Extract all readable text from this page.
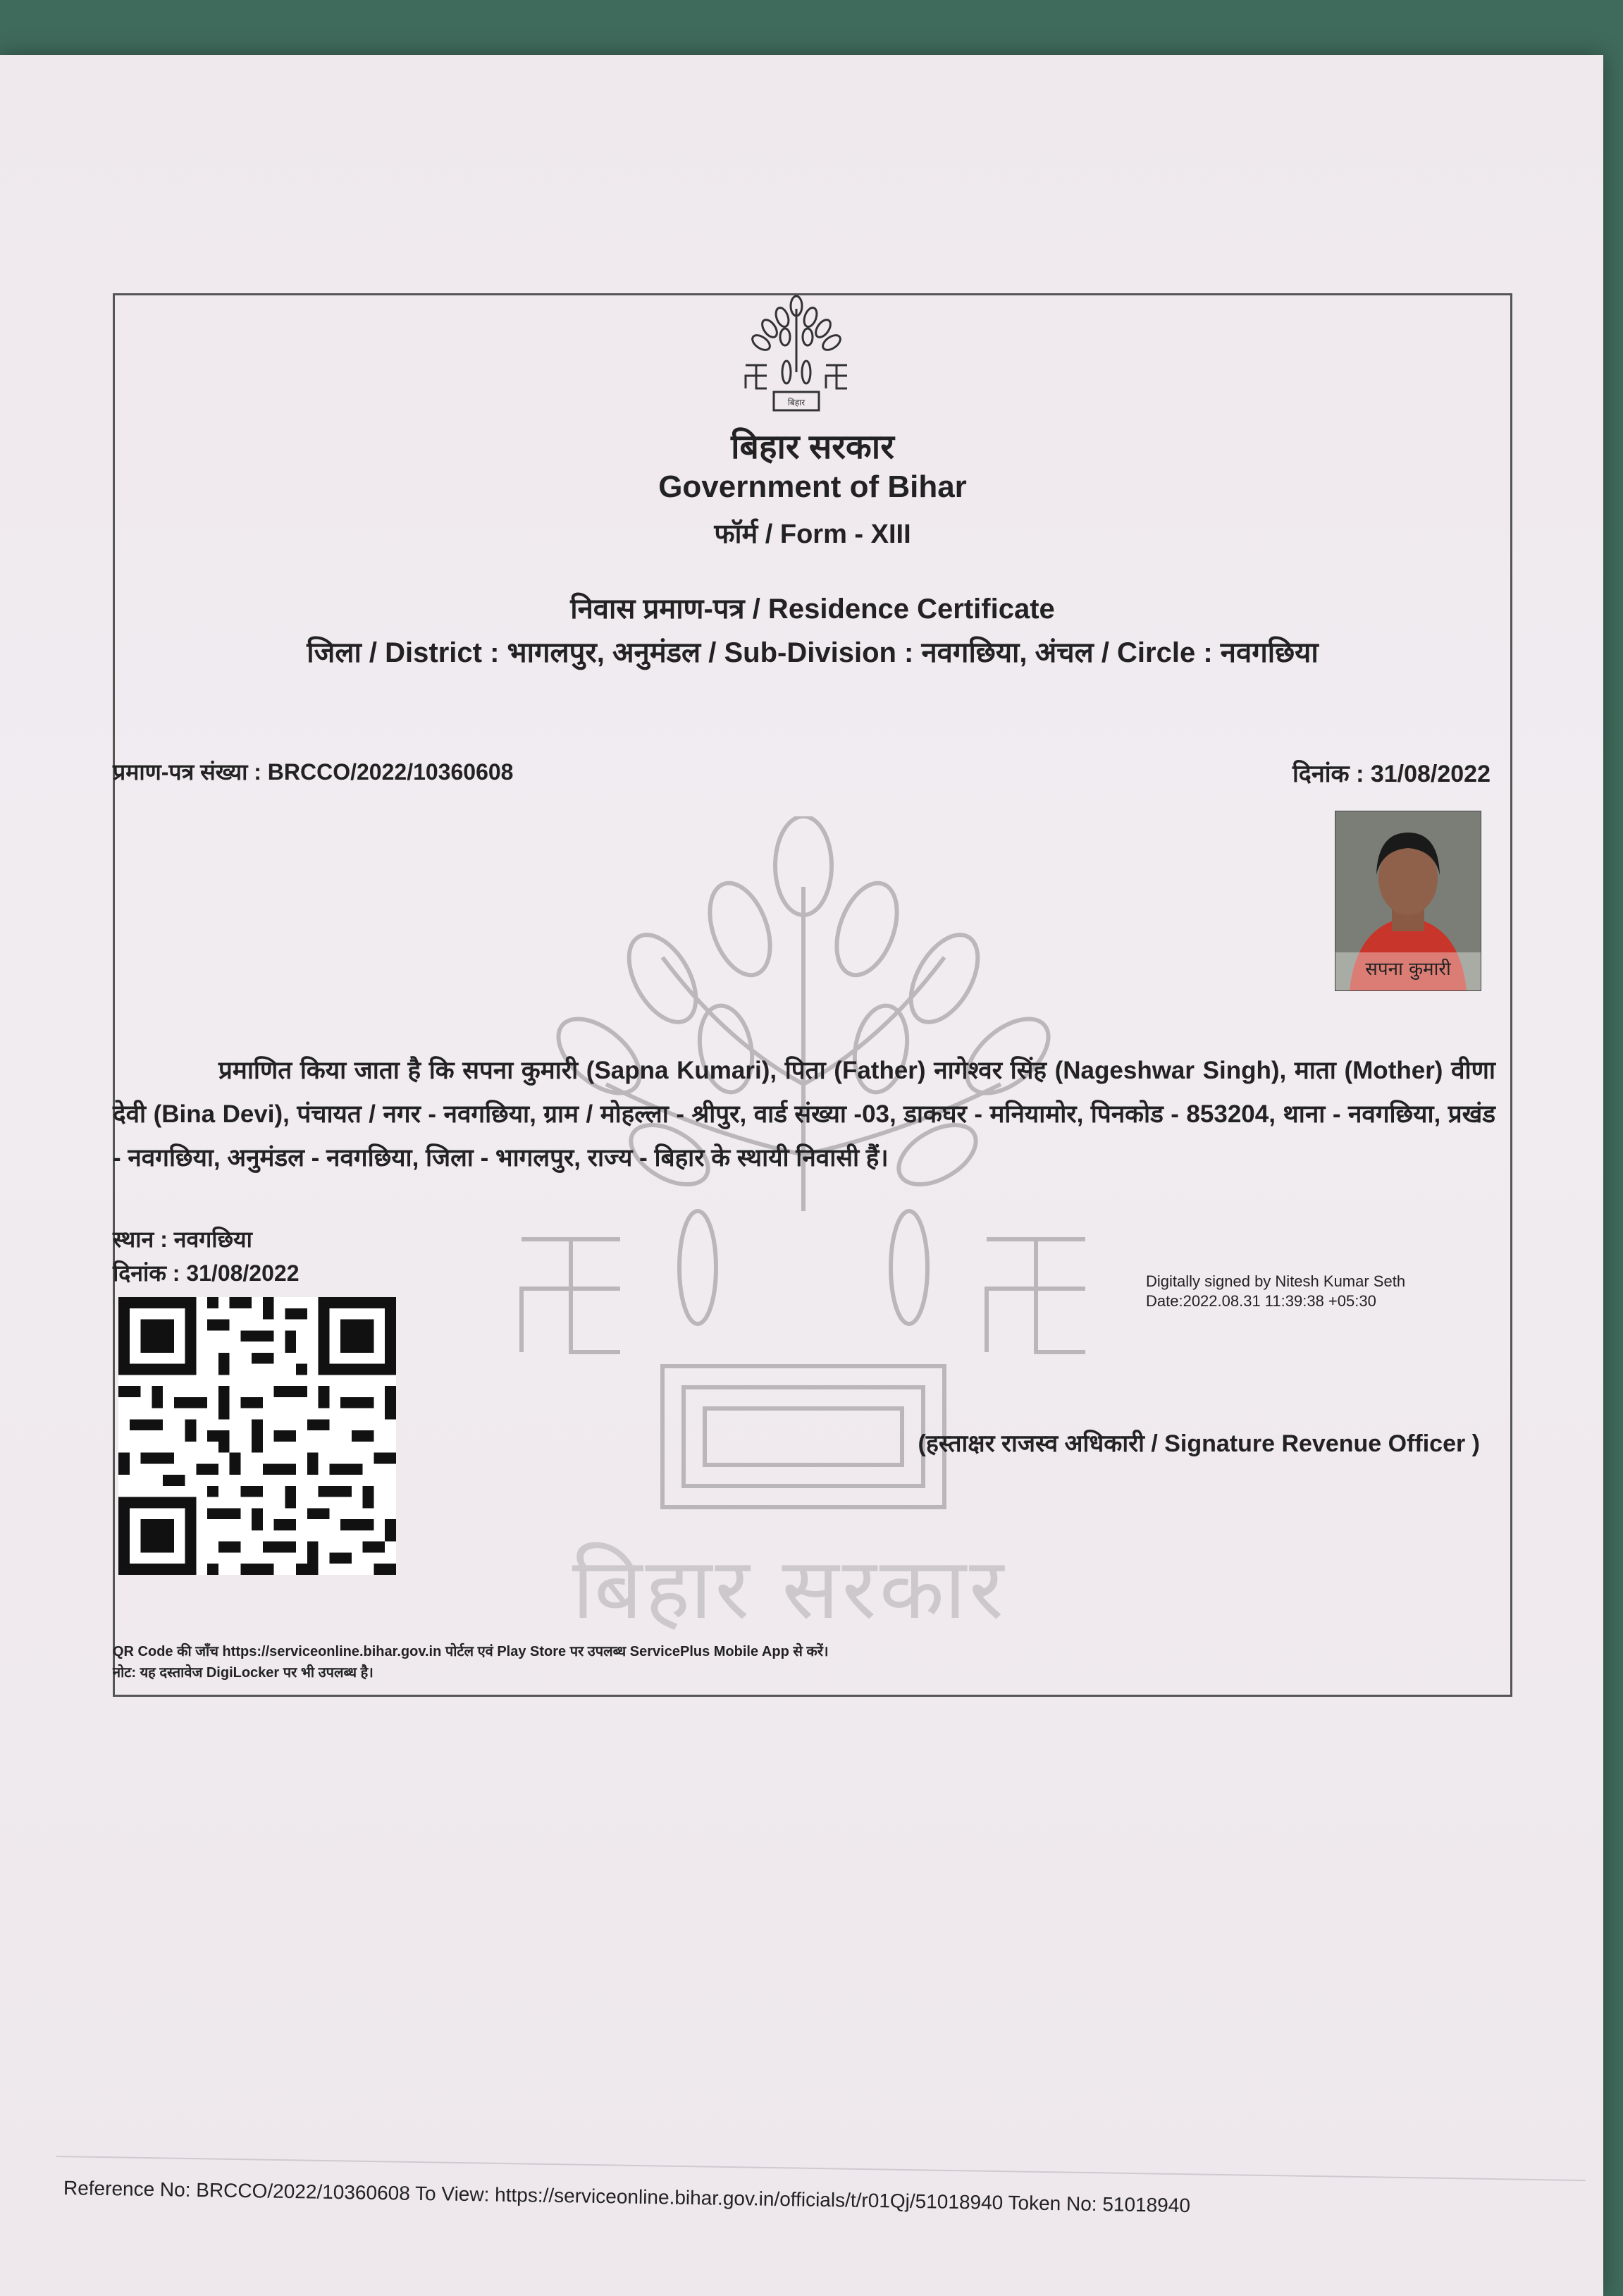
बिहार सरकार
बिहार
बिहार सरकार
Government of Bihar
फॉर्म / Form - XIII
निवास प्रमाण-पत्र / Residence Certificate
जिला / District : भागलपुर, अनुमंडल / Sub-Division : नवगछिया, अंचल / Circle : नवगछिया
प्रमाण-पत्र संख्या : BRCCO/2022/10360608	दिनांक : 31/08/2022
सपना कुमारी
प्रमाणित किया जाता है कि सपना कुमारी (Sapna Kumari), पिता (Father) नागेश्वर सिंह (Nageshwar Singh), माता (Mother) वीणा देवी (Bina Devi), पंचायत / नगर - नवगछिया, ग्राम / मोहल्ला - श्रीपुर, वार्ड संख्या -03, डाकघर - मनियामोर, पिनकोड - 853204, थाना - नवगछिया, प्रखंड - नवगछिया, अनुमंडल - नवगछिया, जिला - भागलपुर, राज्य - बिहार के स्थायी निवासी हैं।
स्थान : नवगछिया
दिनांक : 31/08/2022	Digitally signed by Nitesh Kumar Seth
Date:2022.08.31 11:39:38 +05:30
(हस्ताक्षर राजस्व अधिकारी / Signature Revenue Officer )
QR Code की जाँच https://serviceonline.bihar.gov.in पोर्टल एवं Play Store पर उपलब्ध ServicePlus Mobile App से करें।
नोट: यह दस्तावेज DigiLocker पर भी उपलब्ध है।
Reference No: BRCCO/2022/10360608 To View: https://serviceonline.bihar.gov.in/officials/t/r01Qj/51018940 Token No: 51018940
